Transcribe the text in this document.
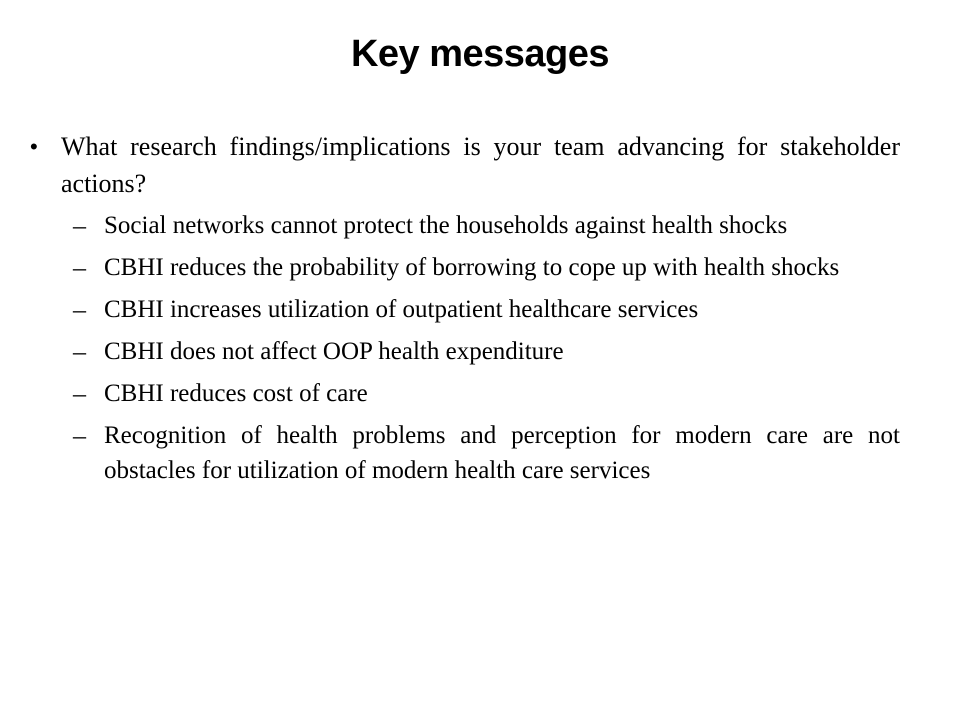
Key messages
• What research findings/implications is your team advancing for stakeholder actions?
– Social networks cannot protect the households against health shocks
– CBHI reduces the probability of borrowing to cope up with health shocks
– CBHI increases utilization of outpatient healthcare services
– CBHI does not affect OOP health expenditure
– CBHI reduces cost of care
– Recognition of health problems and perception for modern care are not obstacles for utilization of modern health care services
